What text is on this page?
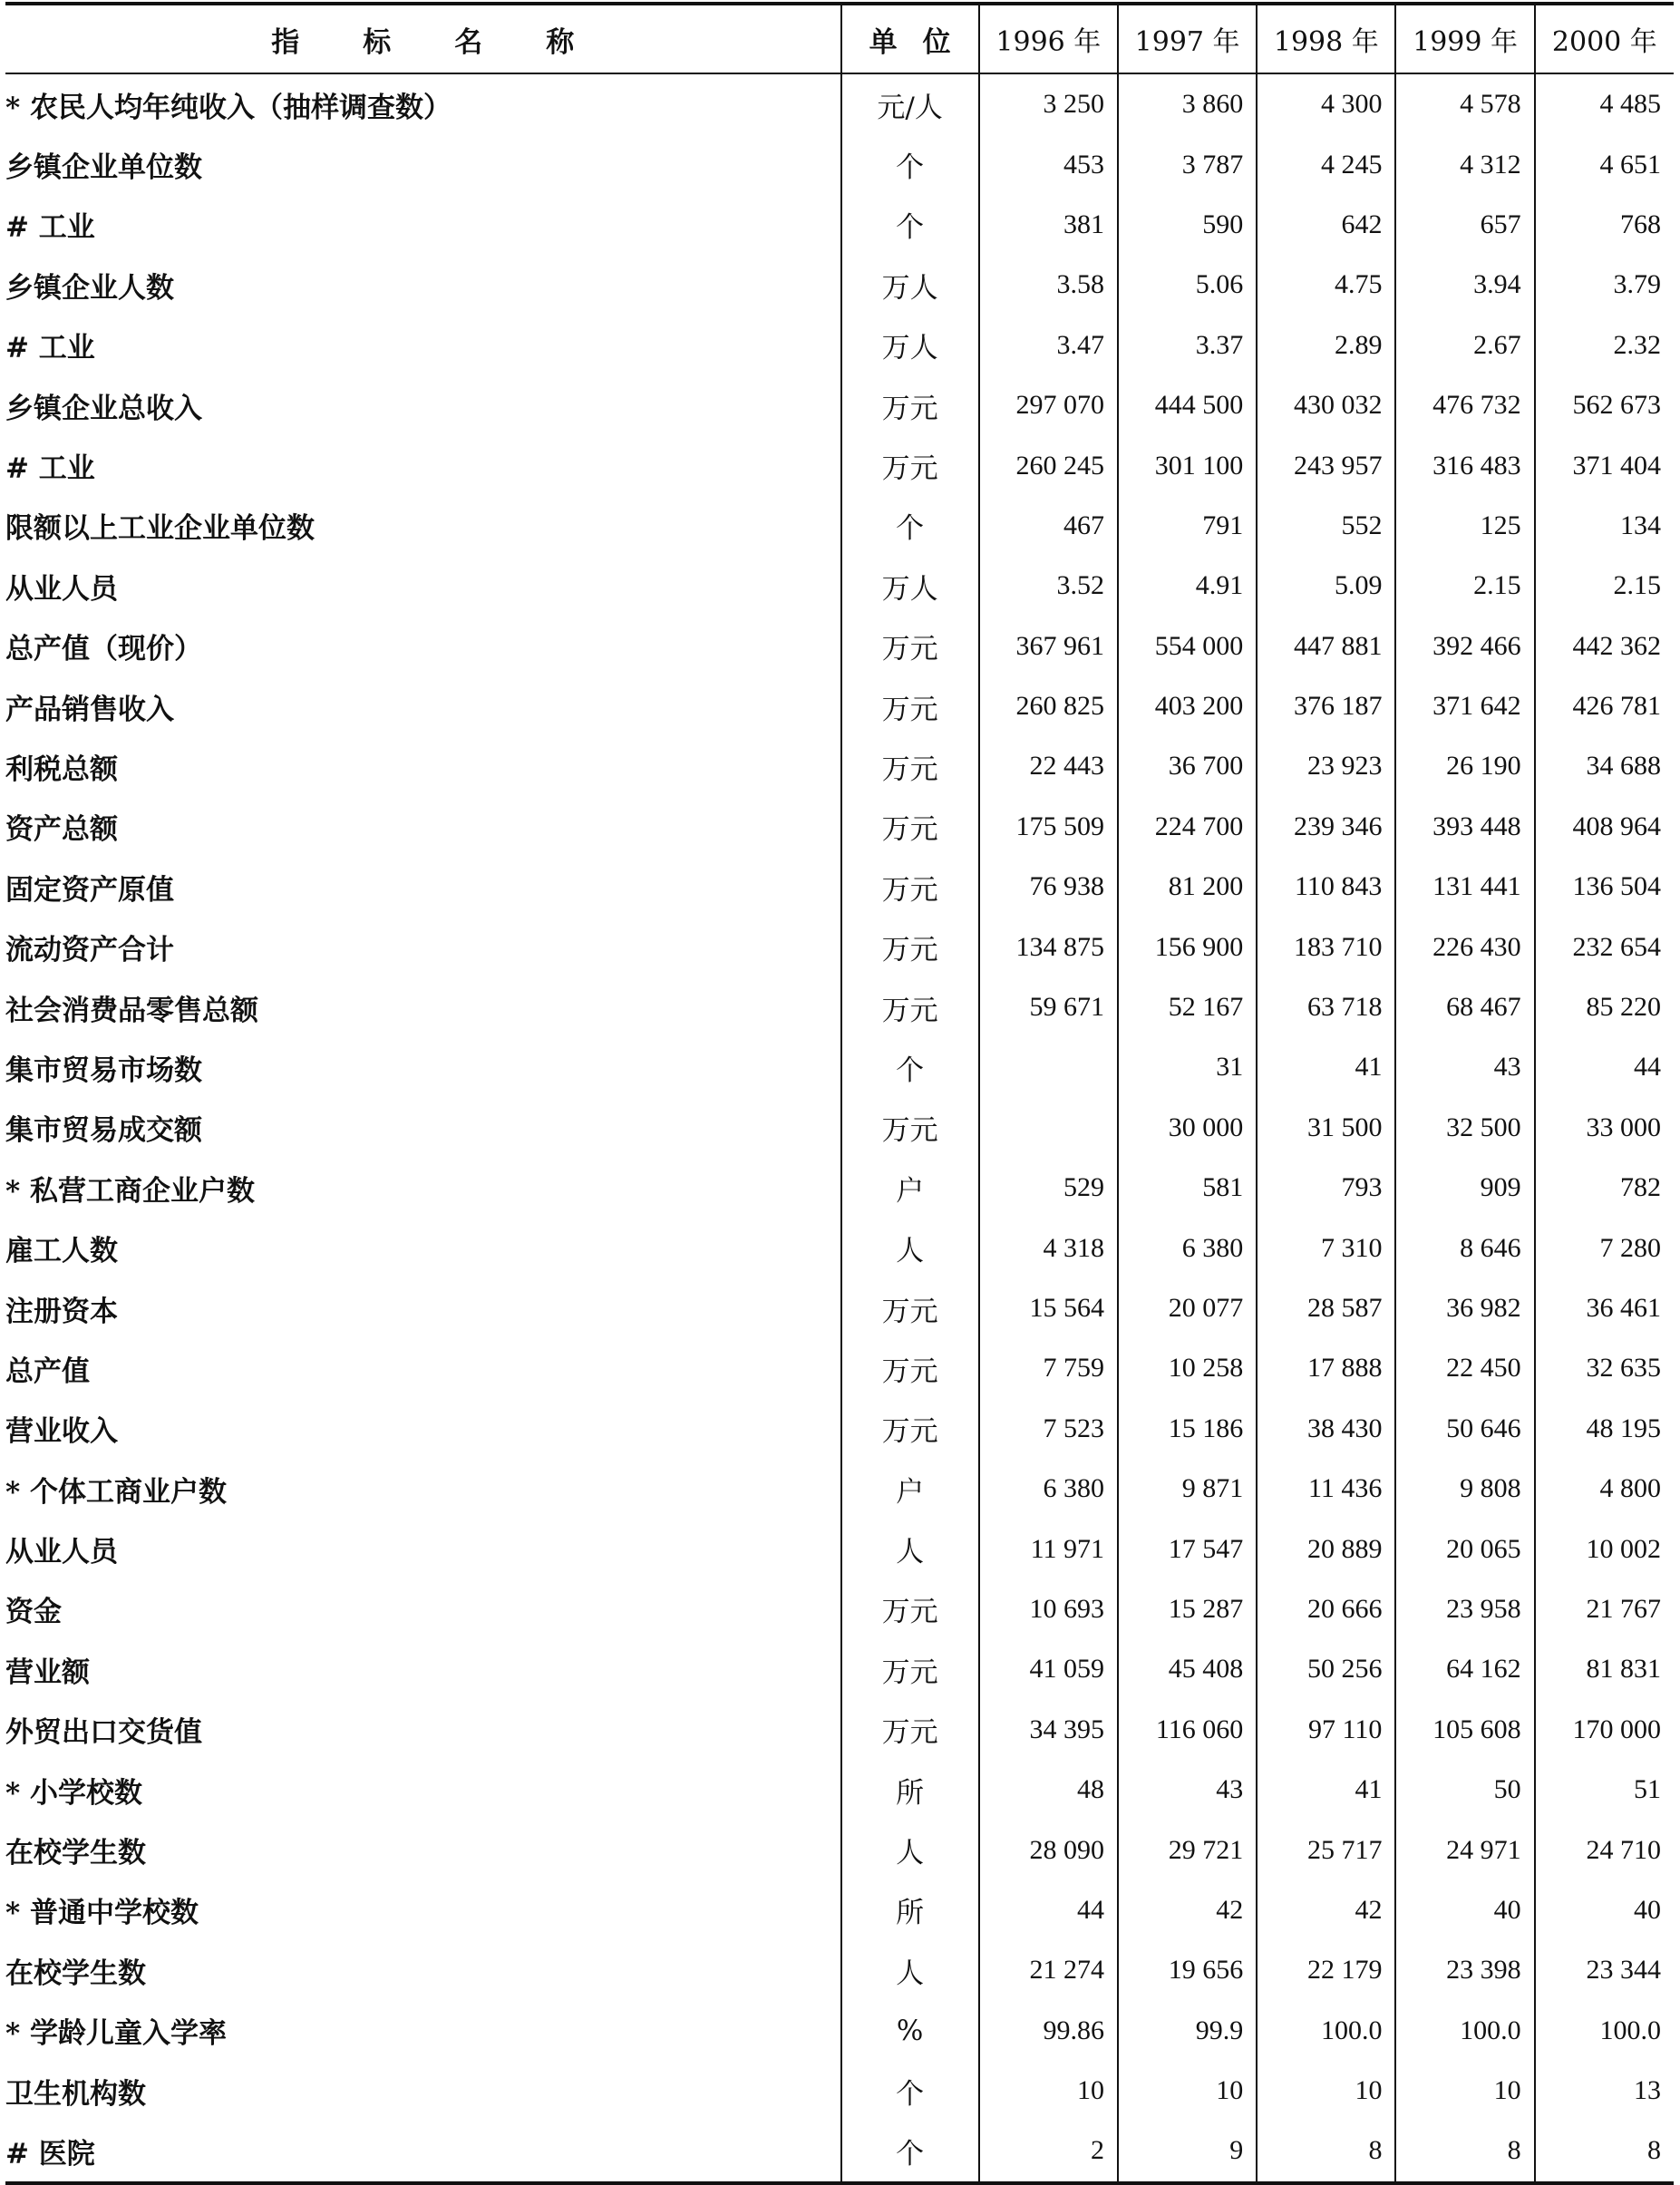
指标名称	单位	1996 年	1997 年	1998 年	1999 年	2000 年
* 农民人均年纯收入（抽样调查数）	元/人	3 250	3 860	4 300	4 578	4 485
乡镇企业单位数	个	453	3 787	4 245	4 312	4 651
# 工业	个	381	590	642	657	768
乡镇企业人数	万人	3.58	5.06	4.75	3.94	3.79
# 工业	万人	3.47	3.37	2.89	2.67	2.32
乡镇企业总收入	万元	297 070	444 500	430 032	476 732	562 673
# 工业	万元	260 245	301 100	243 957	316 483	371 404
限额以上工业企业单位数	个	467	791	552	125	134
从业人员	万人	3.52	4.91	5.09	2.15	2.15
总产值（现价）	万元	367 961	554 000	447 881	392 466	442 362
产品销售收入	万元	260 825	403 200	376 187	371 642	426 781
利税总额	万元	22 443	36 700	23 923	26 190	34 688
资产总额	万元	175 509	224 700	239 346	393 448	408 964
固定资产原值	万元	76 938	81 200	110 843	131 441	136 504
流动资产合计	万元	134 875	156 900	183 710	226 430	232 654
社会消费品零售总额	万元	59 671	52 167	63 718	68 467	85 220
集市贸易市场数	个		31	41	43	44
集市贸易成交额	万元		30 000	31 500	32 500	33 000
* 私营工商企业户数	户	529	581	793	909	782
雇工人数	人	4 318	6 380	7 310	8 646	7 280
注册资本	万元	15 564	20 077	28 587	36 982	36 461
总产值	万元	7 759	10 258	17 888	22 450	32 635
营业收入	万元	7 523	15 186	38 430	50 646	48 195
* 个体工商业户数	户	6 380	9 871	11 436	9 808	4 800
从业人员	人	11 971	17 547	20 889	20 065	10 002
资金	万元	10 693	15 287	20 666	23 958	21 767
营业额	万元	41 059	45 408	50 256	64 162	81 831
外贸出口交货值	万元	34 395	116 060	97 110	105 608	170 000
* 小学校数	所	48	43	41	50	51
在校学生数	人	28 090	29 721	25 717	24 971	24 710
* 普通中学校数	所	44	42	42	40	40
在校学生数	人	21 274	19 656	22 179	23 398	23 344
* 学龄儿童入学率	%	99.86	99.9	100.0	100.0	100.0
卫生机构数	个	10	10	10	10	13
# 医院	个	2	9	8	8	8
